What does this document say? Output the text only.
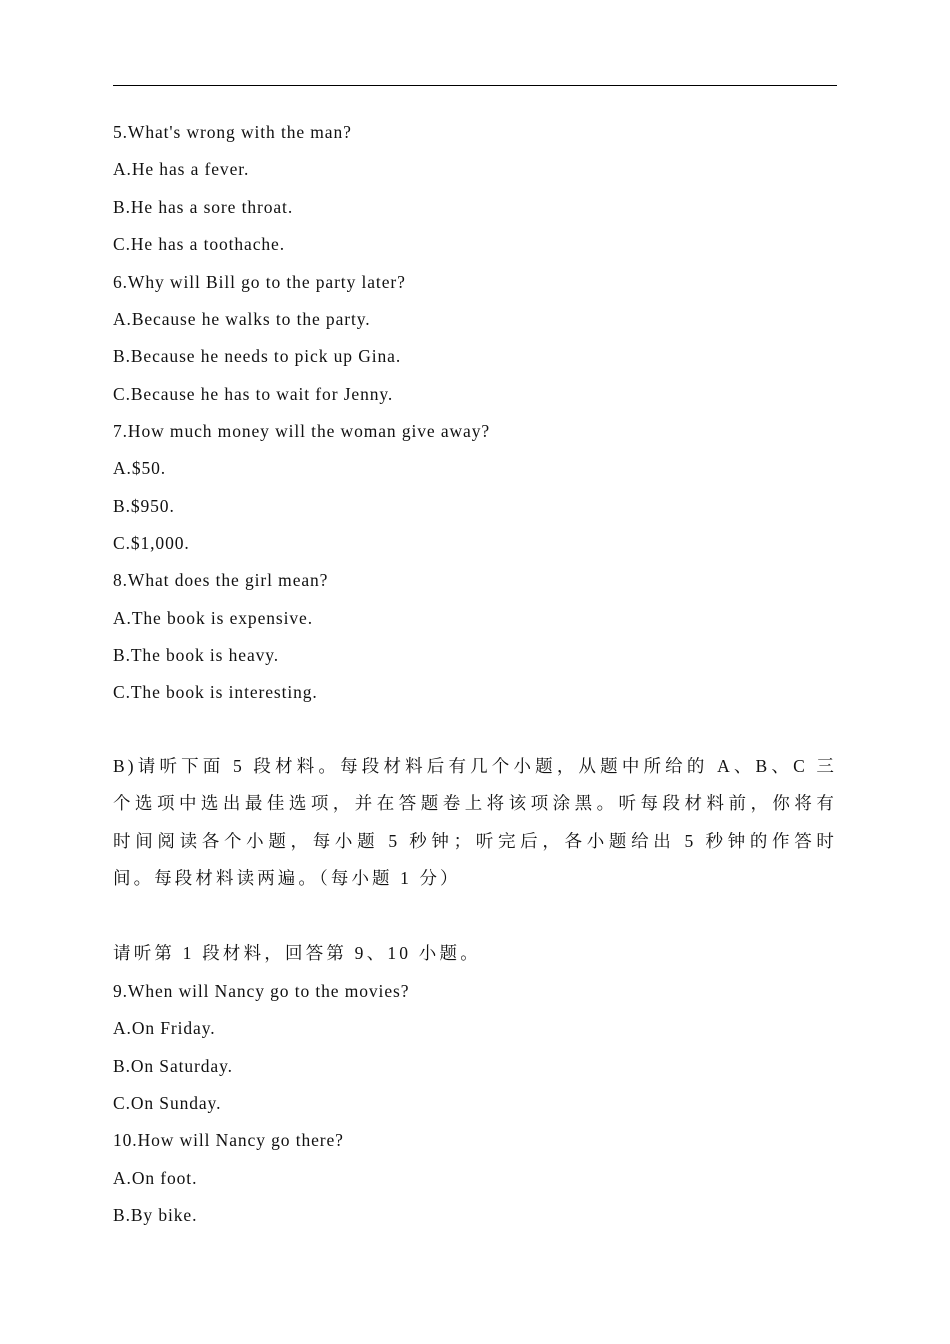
5.What's wrong with the man?
A.He has a fever.
B.He has a sore throat.
C.He has a toothache.
6.Why will Bill go to the party later?
A.Because he walks to the party.
B.Because he needs to pick up Gina.
C.Because he has to wait for Jenny.
7.How much money will the woman give away?
A.$50.
B.$950.
C.$1,000.
8.What does the girl mean?
A.The book is expensive.
B.The book is heavy.
C.The book is interesting.
B)请听下面 5 段材料。每段材料后有几个小题，从题中所给的 A、B、C 三
个选项中选出最佳选项，并在答题卷上将该项涂黑。听每段材料前，你将有
时间阅读各个小题，每小题 5 秒钟；听完后，各小题给出 5 秒钟的作答时
间。每段材料读两遍。（每小题 1 分）
请听第 1 段材料，回答第 9、10 小题。
9.When will Nancy go to the movies?
A.On Friday.
B.On Saturday.
C.On Sunday.
10.How will Nancy go there?
A.On foot.
B.By bike.
